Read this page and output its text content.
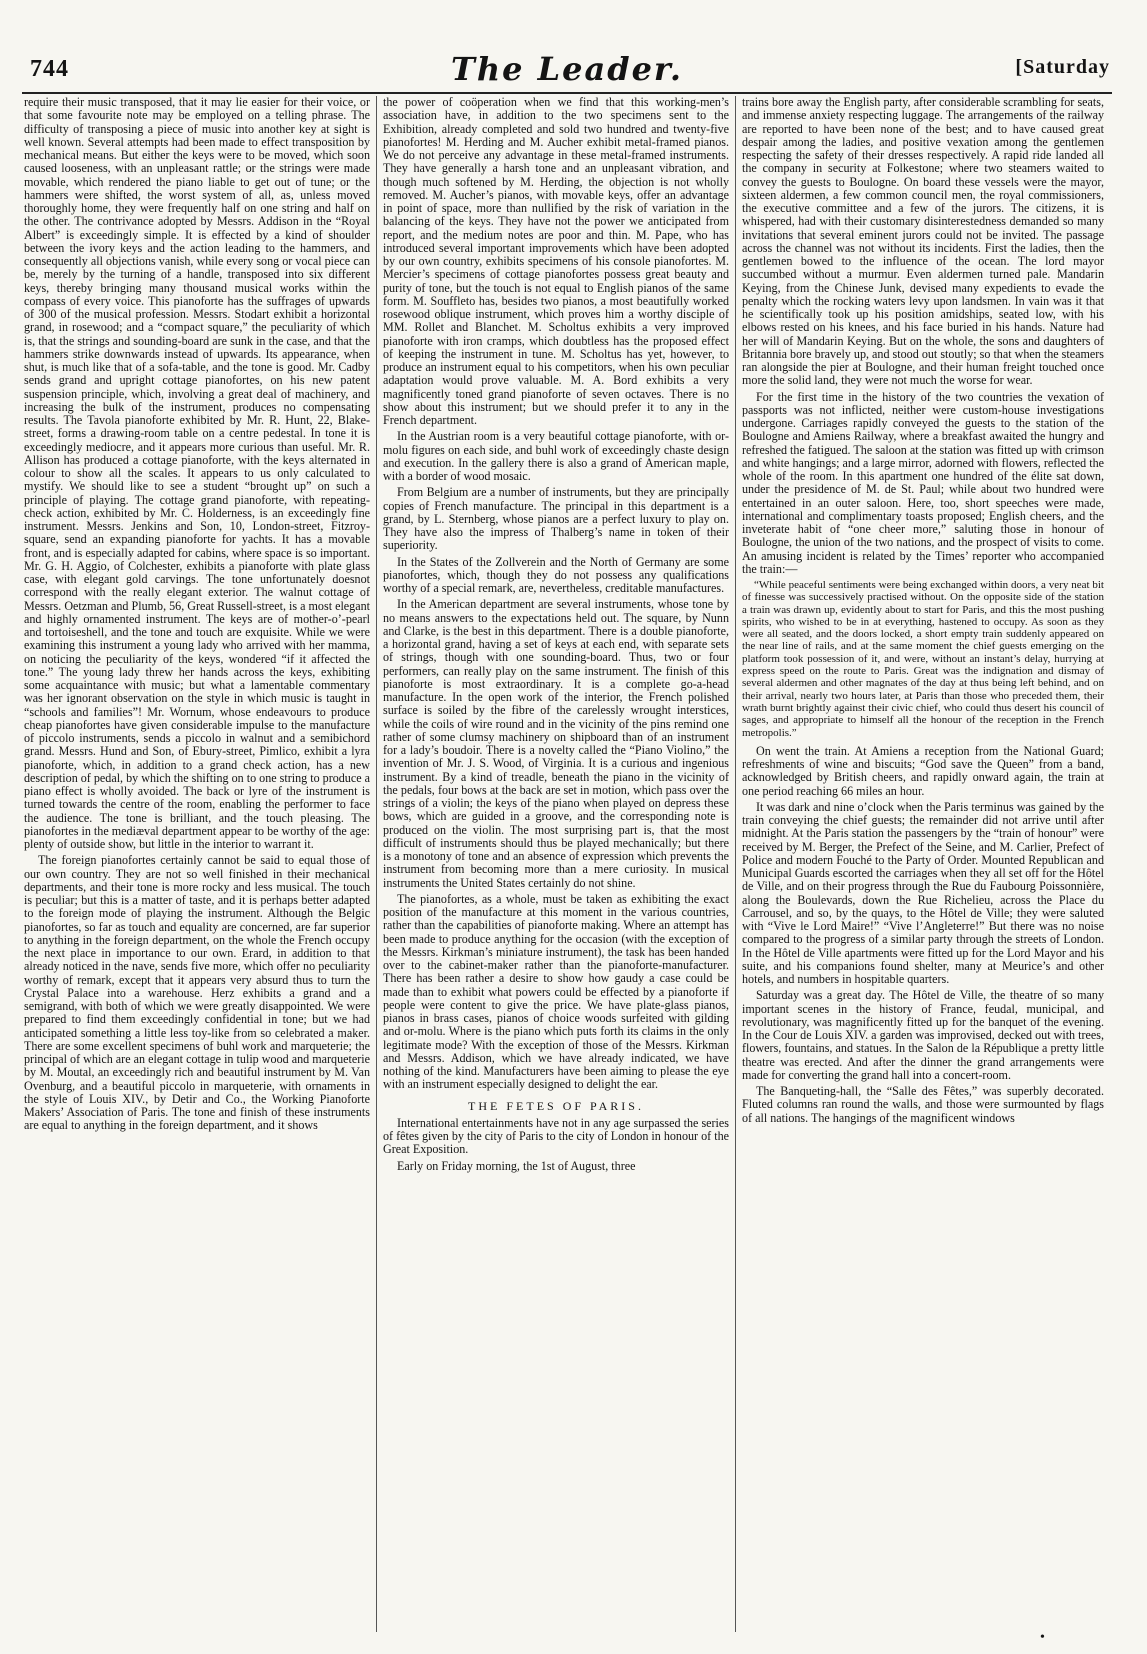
744	The Leader.	[Saturday

require their music transposed, that it may lie easier for their voice, or that some favourite note may be employed on a telling phrase. The difficulty of transposing a piece of music into another key at sight is well known. Several attempts had been made to effect transposition by mechanical means. But either the keys were to be moved, which soon caused looseness, with an unpleasant rattle; or the strings were made movable, which rendered the piano liable to get out of tune; or the hammers were shifted, the worst system of all, as, unless moved thoroughly home, they were frequently half on one string and half on the other. The contrivance adopted by Messrs. Addison in the “Royal Albert” is exceedingly simple. It is effected by a kind of shoulder between the ivory keys and the action leading to the hammers, and consequently all objections vanish, while every song or vocal piece can be, merely by the turning of a handle, transposed into six different keys, thereby bringing many thousand musical works within the compass of every voice. This pianoforte has the suffrages of upwards of 300 of the musical profession. Messrs. Stodart exhibit a horizontal grand, in rosewood; and a “compact square,” the peculiarity of which is, that the strings and sounding-board are sunk in the case, and that the hammers strike downwards instead of upwards. Its appearance, when shut, is much like that of a sofa-table, and the tone is good. Mr. Cadby sends grand and upright cottage pianofortes, on his new patent suspension principle, which, involving a great deal of machinery, and increasing the bulk of the instrument, produces no compensating results. The Tavola pianoforte exhibited by Mr. R. Hunt, 22, Blake-street, forms a drawing-room table on a centre pedestal. In tone it is exceedingly mediocre, and it appears more curious than useful. Mr. R. Allison has produced a cottage pianoforte, with the keys alternated in colour to show all the scales. It appears to us only calculated to mystify. We should like to see a student “brought up” on such a principle of playing. The cottage grand pianoforte, with repeating-check action, exhibited by Mr. C. Holderness, is an exceedingly fine instrument. Messrs. Jenkins and Son, 10, London-street, Fitzroy-square, send an expanding pianoforte for yachts. It has a movable front, and is especially adapted for cabins, where space is so important. Mr. G. H. Aggio, of Colchester, exhibits a pianoforte with plate glass case, with elegant gold carvings. The tone unfortunately doesnot correspond with the really elegant exterior. The walnut cottage of Messrs. Oetzman and Plumb, 56, Great Russell-street, is a most elegant and highly ornamented instrument. The keys are of mother-o’-pearl and tortoiseshell, and the tone and touch are exquisite. While we were examining this instrument a young lady who arrived with her mamma, on noticing the peculiarity of the keys, wondered “if it affected the tone.” The young lady threw her hands across the keys, exhibiting some acquaintance with music; but what a lamentable commentary was her ignorant observation on the style in which music is taught in “schools and families”! Mr. Wornum, whose endeavours to produce cheap pianofortes have given considerable impulse to the manufacture of piccolo instruments, sends a piccolo in walnut and a semibichord grand. Messrs. Hund and Son, of Ebury-street, Pimlico, exhibit a lyra pianoforte, which, in addition to a grand check action, has a new description of pedal, by which the shifting on to one string to produce a piano effect is wholly avoided. The back or lyre of the instrument is turned towards the centre of the room, enabling the performer to face the audience. The tone is brilliant, and the touch pleasing. The pianofortes in the mediæval department appear to be worthy of the age: plenty of outside show, but little in the interior to warrant it.

The foreign pianofortes certainly cannot be said to equal those of our own country. They are not so well finished in their mechanical departments, and their tone is more rocky and less musical. The touch is peculiar; but this is a matter of taste, and it is perhaps better adapted to the foreign mode of playing the instrument. Although the Belgic pianofortes, so far as touch and equality are concerned, are far superior to anything in the foreign department, on the whole the French occupy the next place in importance to our own. Erard, in addition to that already noticed in the nave, sends five more, which offer no peculiarity worthy of remark, except that it appears very absurd thus to turn the Crystal Palace into a warehouse. Herz exhibits a grand and a semigrand, with both of which we were greatly disappointed. We were prepared to find them exceedingly confidential in tone; but we had anticipated something a little less toy-like from so celebrated a maker. There are some excellent specimens of buhl work and marqueterie; the principal of which are an elegant cottage in tulip wood and marqueterie by M. Moutal, an exceedingly rich and beautiful instrument by M. Van Ovenburg, and a beautiful piccolo in marqueterie, with ornaments in the style of Louis XIV., by Detir and Co., the Working Pianoforte Makers’ Association of Paris. The tone and finish of these instruments are equal to anything in the foreign department, and it shows

the power of coöperation when we find that this working-men’s association have, in addition to the two specimens sent to the Exhibition, already completed and sold two hundred and twenty-five pianofortes! M. Herding and M. Aucher exhibit metal-framed pianos. We do not perceive any advantage in these metal-framed instruments. They have generally a harsh tone and an unpleasant vibration, and though much softened by M. Herding, the objection is not wholly removed. M. Aucher’s pianos, with movable keys, offer an advantage in point of space, more than nullified by the risk of variation in the balancing of the keys. They have not the power we anticipated from report, and the medium notes are poor and thin. M. Pape, who has introduced several important improvements which have been adopted by our own country, exhibits specimens of his console pianofortes. M. Mercier’s specimens of cottage pianofortes possess great beauty and purity of tone, but the touch is not equal to English pianos of the same form. M. Souffleto has, besides two pianos, a most beautifully worked rosewood oblique instrument, which proves him a worthy disciple of MM. Rollet and Blanchet. M. Scholtus exhibits a very improved pianoforte with iron cramps, which doubtless has the proposed effect of keeping the instrument in tune. M. Scholtus has yet, however, to produce an instrument equal to his competitors, when his own peculiar adaptation would prove valuable. M. A. Bord exhibits a very magnificently toned grand pianoforte of seven octaves. There is no show about this instrument; but we should prefer it to any in the French department.

In the Austrian room is a very beautiful cottage pianoforte, with or-molu figures on each side, and buhl work of exceedingly chaste design and execution. In the gallery there is also a grand of American maple, with a border of wood mosaic.

From Belgium are a number of instruments, but they are principally copies of French manufacture. The principal in this department is a grand, by L. Sternberg, whose pianos are a perfect luxury to play on. They have also the impress of Thalberg’s name in token of their superiority.

In the States of the Zollverein and the North of Germany are some pianofortes, which, though they do not possess any qualifications worthy of a special remark, are, nevertheless, creditable manufactures.

In the American department are several instruments, whose tone by no means answers to the expectations held out. The square, by Nunn and Clarke, is the best in this department. There is a double pianoforte, a horizontal grand, having a set of keys at each end, with separate sets of strings, though with one sounding-board. Thus, two or four performers, can really play on the same instrument. The finish of this pianoforte is most extraordinary. It is a complete go-a-head manufacture. In the open work of the interior, the French polished surface is soiled by the fibre of the carelessly wrought interstices, while the coils of wire round and in the vicinity of the pins remind one rather of some clumsy machinery on shipboard than of an instrument for a lady’s boudoir. There is a novelty called the “Piano Violino,” the invention of Mr. J. S. Wood, of Virginia. It is a curious and ingenious instrument. By a kind of treadle, beneath the piano in the vicinity of the pedals, four bows at the back are set in motion, which pass over the strings of a violin; the keys of the piano when played on depress these bows, which are guided in a groove, and the corresponding note is produced on the violin. The most surprising part is, that the most difficult of instruments should thus be played mechanically; but there is a monotony of tone and an absence of expression which prevents the instrument from becoming more than a mere curiosity. In musical instruments the United States certainly do not shine.

The pianofortes, as a whole, must be taken as exhibiting the exact position of the manufacture at this moment in the various countries, rather than the capabilities of pianoforte making. Where an attempt has been made to produce anything for the occasion (with the exception of the Messrs. Kirkman’s miniature instrument), the task has been handed over to the cabinet-maker rather than the pianoforte-manufacturer. There has been rather a desire to show how gaudy a case could be made than to exhibit what powers could be effected by a pianoforte if people were content to give the price. We have plate-glass pianos, pianos in brass cases, pianos of choice woods surfeited with gilding and or-molu. Where is the piano which puts forth its claims in the only legitimate mode? With the exception of those of the Messrs. Kirkman and Messrs. Addison, which we have already indicated, we have nothing of the kind. Manufacturers have been aiming to please the eye with an instrument especially designed to delight the ear.

THE FETES OF PARIS.

International entertainments have not in any age surpassed the series of fêtes given by the city of Paris to the city of London in honour of the Great Exposition.

Early on Friday morning, the 1st of August, three

trains bore away the English party, after considerable scrambling for seats, and immense anxiety respecting luggage. The arrangements of the railway are reported to have been none of the best; and to have caused great despair among the ladies, and positive vexation among the gentlemen respecting the safety of their dresses respectively. A rapid ride landed all the company in security at Folkestone; where two steamers waited to convey the guests to Boulogne. On board these vessels were the mayor, sixteen aldermen, a few common council men, the royal commissioners, the executive committee and a few of the jurors. The citizens, it is whispered, had with their customary disinterestedness demanded so many invitations that several eminent jurors could not be invited. The passage across the channel was not without its incidents. First the ladies, then the gentlemen bowed to the influence of the ocean. The lord mayor succumbed without a murmur. Even aldermen turned pale. Mandarin Keying, from the Chinese Junk, devised many expedients to evade the penalty which the rocking waters levy upon landsmen. In vain was it that he scientifically took up his position amidships, seated low, with his elbows rested on his knees, and his face buried in his hands. Nature had her will of Mandarin Keying. But on the whole, the sons and daughters of Britannia bore bravely up, and stood out stoutly; so that when the steamers ran alongside the pier at Boulogne, and their human freight touched once more the solid land, they were not much the worse for wear.

For the first time in the history of the two countries the vexation of passports was not inflicted, neither were custom-house investigations undergone. Carriages rapidly conveyed the guests to the station of the Boulogne and Amiens Railway, where a breakfast awaited the hungry and refreshed the fatigued. The saloon at the station was fitted up with crimson and white hangings; and a large mirror, adorned with flowers, reflected the whole of the room. In this apartment one hundred of the élite sat down, under the presidence of M. de St. Paul; while about two hundred were entertained in an outer saloon. Here, too, short speeches were made, international and complimentary toasts proposed; English cheers, and the inveterate habit of “one cheer more,” saluting those in honour of Boulogne, the union of the two nations, and the prospect of visits to come. An amusing incident is related by the Times’ reporter who accompanied the train:—

“While peaceful sentiments were being exchanged within doors, a very neat bit of finesse was successively practised without. On the opposite side of the station a train was drawn up, evidently about to start for Paris, and this the most pushing spirits, who wished to be in at everything, hastened to occupy. As soon as they were all seated, and the doors locked, a short empty train suddenly appeared on the near line of rails, and at the same moment the chief guests emerging on the platform took possession of it, and were, without an instant’s delay, hurrying at express speed on the route to Paris. Great was the indignation and dismay of several aldermen and other magnates of the day at thus being left behind, and on their arrival, nearly two hours later, at Paris than those who preceded them, their wrath burnt brightly against their civic chief, who could thus desert his council of sages, and appropriate to himself all the honour of the reception in the French metropolis.”

On went the train. At Amiens a reception from the National Guard; refreshments of wine and biscuits; “God save the Queen” from a band, acknowledged by British cheers, and rapidly onward again, the train at one period reaching 66 miles an hour.

It was dark and nine o’clock when the Paris terminus was gained by the train conveying the chief guests; the remainder did not arrive until after midnight. At the Paris station the passengers by the “train of honour” were received by M. Berger, the Prefect of the Seine, and M. Carlier, Prefect of Police and modern Fouché to the Party of Order. Mounted Republican and Municipal Guards escorted the carriages when they all set off for the Hôtel de Ville, and on their progress through the Rue du Faubourg Poissonnière, along the Boulevards, down the Rue Richelieu, across the Place du Carrousel, and so, by the quays, to the Hôtel de Ville; they were saluted with “Vive le Lord Maire!” “Vive l’Angleterre!” But there was no noise compared to the progress of a similar party through the streets of London. In the Hôtel de Ville apartments were fitted up for the Lord Mayor and his suite, and his companions found shelter, many at Meurice’s and other hotels, and numbers in hospitable quarters.

Saturday was a great day. The Hôtel de Ville, the theatre of so many important scenes in the history of France, feudal, municipal, and revolutionary, was magnificently fitted up for the banquet of the evening. In the Cour de Louis XIV. a garden was improvised, decked out with trees, flowers, fountains, and statues. In the Salon de la République a pretty little theatre was erected. And after the dinner the grand arrangements were made for converting the grand hall into a concert-room.

The Banqueting-hall, the “Salle des Fêtes,” was superbly decorated. Fluted columns ran round the walls, and those were surmounted by flags of all nations. The hangings of the magnificent windows

•
